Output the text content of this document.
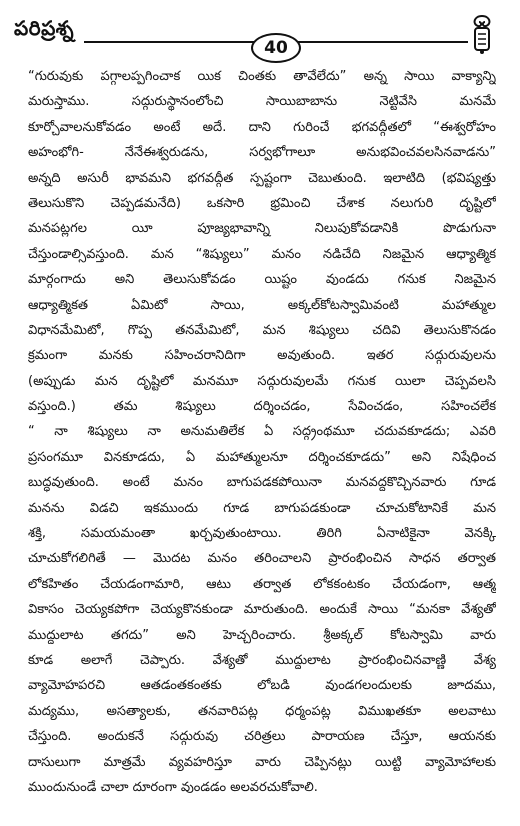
పరిప్రశ్న
40
“గురువుకు పగ్గాలప్పగించాక యిక చింతకు తావేలేదు” అన్న సాయి వాక్యాన్ని
మరుస్తాము. సద్గురుస్థానంలోంచి సాయిబాబాను నెట్టివేసి మనమే
కూర్చోవాలనుకోవడం అంటే అదే. దాని గురించే భగవద్గీతలో “ఈశ్వరోహం
అహంభోగి- నేనేఈశ్వరుడను, సర్వభోగాలూ అనుభవించవలసినవాడను”
అన్నది అసురీ భావమని భగవద్గీత స్పష్టంగా చెబుతుంది. ఇలాటిది (భవిష్యత్తు
తెలుసుకొని చెప్పడమనేది) ఒకసారి భ్రమించి చేశాక నలుగురి దృష్టిలో
మనపట్లగల యీ పూజ్యభావాన్ని నిలుపుకోవడానికి పొడుగునా
చేస్తుండాల్సివస్తుంది. మన “శిష్యులు” మనం నడిచేది నిజమైన ఆధ్యాత్మిక
మార్గంగాదు అని తెలుసుకోవడం యిష్టం వుండదు గనుక నిజమైన
ఆధ్యాత్మికత ఏమిటో సాయి, అక్కల్‌కోటస్వామివంటి మహాత్ముల
విధానమేమిటో, గొప్ప తనమేమిటో, మన శిష్యులు చదివి తెలుసుకొనడం
క్రమంగా మనకు సహించరానిదిగా అవుతుంది. ఇతర సద్గురువులను
(అప్పుడు మన దృష్టిలో మనమూ సద్గురువులమే గనుక యిలా చెప్పవలసి
వస్తుంది.) తమ శిష్యులు దర్శించడం, సేవించడం, సహించలేక
“ నా శిష్యులు నా అనుమతిలేక ఏ సద్గ్రంథమూ చదువకూడదు; ఎవరి
ప్రసంగమూ వినకూడదు, ఏ మహాత్ములనూ దర్శించకూడదు” అని నిషేధించ
బుద్ధవుతుంది. అంటే మనం బాగుపడకపోయినా మనవద్దకొచ్చినవారు గూడ
మనను విడచి ఇకముందు గూడ బాగుపడకుండా చూచుకోటానికే మన
శక్తి, సమయమంతా ఖర్చవుతుంటాయి. తిరిగి ఏనాటికైనా వెనక్కి
చూచుకోగలిగితే — మొదట మనం తరించాలని ప్రారంభించిన సాధన తర్వాత
లోకహితం చేయడంగామారి, ఆటు తర్వాత లోకకంటకం చేయడంగా, ఆత్మ
వికాసం చెయ్యకపోగా చెయ్యకొనకుండా మారుతుంది. అందుకే సాయి “మనకా వేశ్యతో
ముద్దులాట తగదు” అని హెచ్చరించారు. శ్రీఅక్కల్ కోటస్వామి వారు
కూడ అలాగే చెప్పారు. వేశ్యతో ముద్దులాట ప్రారంభించినవాణ్ణి వేశ్య
వ్యామోహపరచి ఆతడంతకంతకు లోబడి వుండగలందులకు జూదము,
మద్యము, అసత్యాలకు, తనవారిపట్ల ధర్మంపట్ల విముఖతకూ అలవాటు
చేస్తుంది. అందుకనే సద్గురువు చరిత్రలు పారాయణ చేస్తూ, ఆయనకు
దాసులుగా మాత్రమే వ్యవహరిస్తూ వారు చెప్పినట్లు యిట్టి వ్యామోహాలకు
ముందునుండే చాలా దూరంగా వుండడం అలవరచుకోవాలి.
